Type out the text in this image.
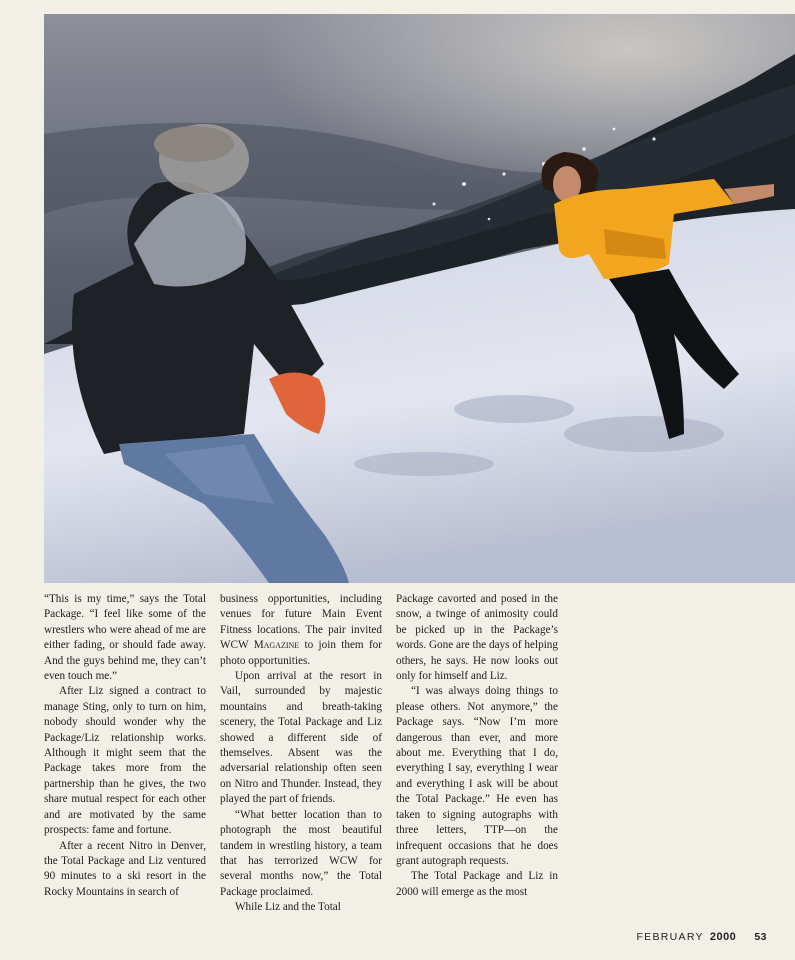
“This is my time,” says the Total Package. “I feel like some of the wrestlers who were ahead of me are either fading, or should fade away. And the guys behind me, they can’t even touch me.”

After Liz signed a contract to manage Sting, only to turn on him, nobody should wonder why the Package/Liz relationship works. Although it might seem that the Package takes more from the partnership than he gives, the two share mutual respect for each other and are motivated by the same prospects: fame and fortune.

After a recent Nitro in Denver, the Total Package and Liz ventured 90 minutes to a ski resort in the Rocky Mountains in search of

business opportunities, including venues for future Main Event Fitness locations. The pair invited WCW Magazine to join them for photo opportunities.

Upon arrival at the resort in Vail, surrounded by majestic mountains and breath-taking scenery, the Total Package and Liz showed a different side of themselves. Absent was the adversarial relationship often seen on Nitro and Thunder. Instead, they played the part of friends.

“What better location than to photograph the most beautiful tandem in wrestling history, a team that has terrorized WCW for several months now,” the Total Package proclaimed.

While Liz and the Total

Package cavorted and posed in the snow, a twinge of animosity could be picked up in the Package’s words. Gone are the days of helping others, he says. He now looks out only for himself and Liz.

“I was always doing things to please others. Not anymore,” the Package says. “Now I’m more dangerous than ever, and more about me. Everything that I do, everything I say, everything I wear and everything I ask will be about the Total Package.” He even has taken to signing autographs with three letters, TTP—on the infrequent occasions that he does grant autograph requests.

The Total Package and Liz in 2000 will emerge as the most

FEBRUARY 2000 53
